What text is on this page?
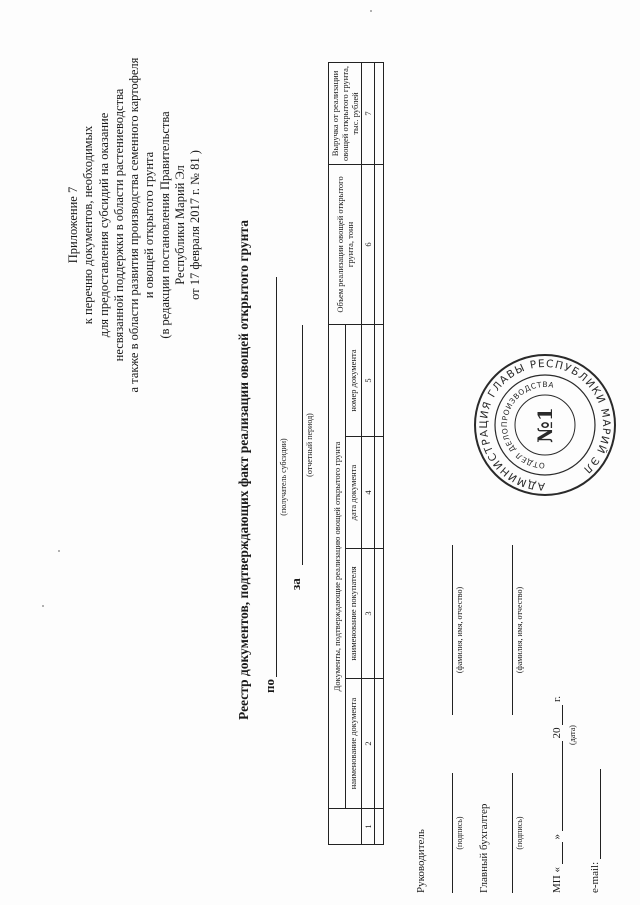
Приложение 7 к перечню документов, необходимых для предоставления субсидий на оказание несвязанной поддержки в области растениеводства а также в области развития производства семенного картофеля и овощей открытого грунта (в редакции постановления Правительства Республики Марий Эл от 17 февраля 2017 г. № 81 ) Реестр документов, подтверждающих факт реализации овощей открытого грунта по
(получатель субсидии)
за
(отчетный период)
	Документы, подтверждающие реализацию овощей открытого грунта				Объем реализации овощей открытого грунта, тонн	Выручка от реализации овощей открытого грунта, тыс. рублей
	наименование документа	наименование покупателя	дата документа	номер документа		
1	2	3	4	5	6	7

Руководитель	(подпись)
(фамилия, имя, отчество)
Главный бухгалтер	(подпись)
(фамилия, имя, отчество)
МП «  »  20  г.
(дата)
e-mail:
АДМИНИСТРАЦИЯ ГЛАВЫ РЕСПУБЛИКИ МАРИЙ ЭЛ
ОТДЕЛ ДЕЛОПРОИЗВОДСТВА
№1
